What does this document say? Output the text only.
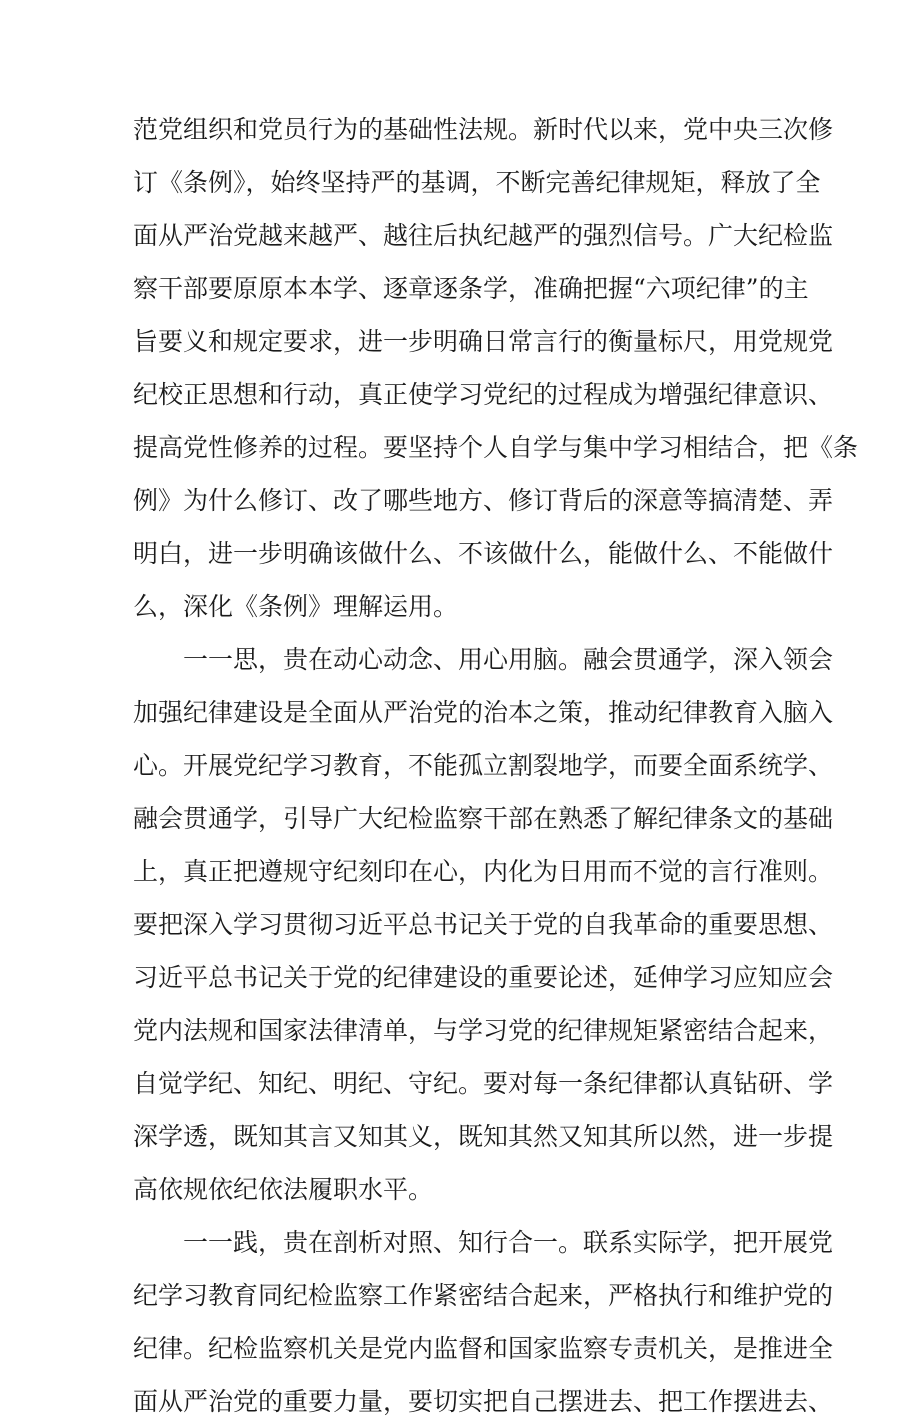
范党组织和党员行为的基础性法规。新时代以来，党中央三次修
订《条例》，始终坚持严的基调，不断完善纪律规矩，释放了全
面从严治党越来越严、越往后执纪越严的强烈信号。广大纪检监
察干部要原原本本学、逐章逐条学，准确把握“六项纪律”的主
旨要义和规定要求，进一步明确日常言行的衡量标尺，用党规党
纪校正思想和行动，真正使学习党纪的过程成为增强纪律意识、
提高党性修养的过程。要坚持个人自学与集中学习相结合，把《条
例》为什么修订、改了哪些地方、修订背后的深意等搞清楚、弄
明白，进一步明确该做什么、不该做什么，能做什么、不能做什
么，深化《条例》理解运用。
一一思，贵在动心动念、用心用脑。融会贯通学，深入领会
加强纪律建设是全面从严治党的治本之策，推动纪律教育入脑入
心。开展党纪学习教育，不能孤立割裂地学，而要全面系统学、
融会贯通学，引导广大纪检监察干部在熟悉了解纪律条文的基础
上，真正把遵规守纪刻印在心，内化为日用而不觉的言行准则。
要把深入学习贯彻习近平总书记关于党的自我革命的重要思想、
习近平总书记关于党的纪律建设的重要论述，延伸学习应知应会
党内法规和国家法律清单，与学习党的纪律规矩紧密结合起来，
自觉学纪、知纪、明纪、守纪。要对每一条纪律都认真钻研、学
深学透，既知其言又知其义，既知其然又知其所以然，进一步提
高依规依纪依法履职水平。
一一践，贵在剖析对照、知行合一。联系实际学，把开展党
纪学习教育同纪检监察工作紧密结合起来，严格执行和维护党的
纪律。纪检监察机关是党内监督和国家监察专责机关，是推进全
面从严治党的重要力量，要切实把自己摆进去、把工作摆进去、
